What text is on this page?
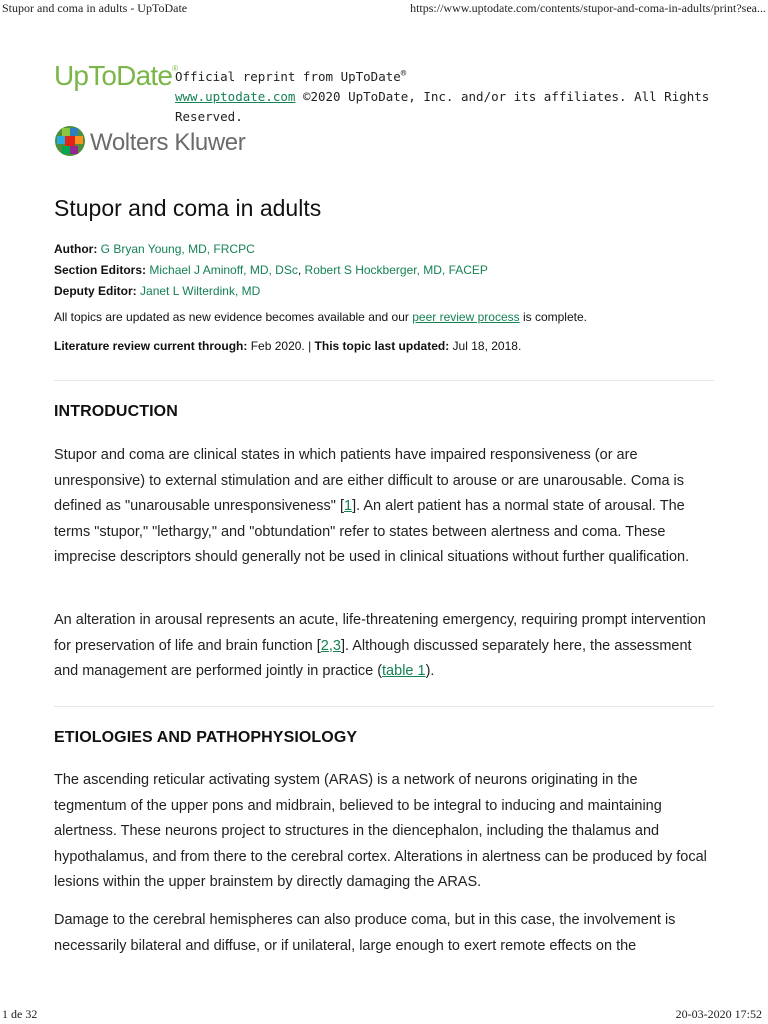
Stupor and coma in adults - UpToDate	https://www.uptodate.com/contents/stupor-and-coma-in-adults/print?sea...
UpToDate®
Official reprint from UpToDate®
www.uptodate.com ©2020 UpToDate, Inc. and/or its affiliates. All Rights Reserved.
Wolters Kluwer
Stupor and coma in adults
Author: G Bryan Young, MD, FRCPC
Section Editors: Michael J Aminoff, MD, DSc, Robert S Hockberger, MD, FACEP
Deputy Editor: Janet L Wilterdink, MD
All topics are updated as new evidence becomes available and our peer review process is complete.
Literature review current through: Feb 2020. | This topic last updated: Jul 18, 2018.
INTRODUCTION

Stupor and coma are clinical states in which patients have impaired responsiveness (or are unresponsive) to external stimulation and are either difficult to arouse or are unarousable. Coma is defined as "unarousable unresponsiveness" [1]. An alert patient has a normal state of arousal. The terms "stupor," "lethargy," and "obtundation" refer to states between alertness and coma. These imprecise descriptors should generally not be used in clinical situations without further qualification.

An alteration in arousal represents an acute, life-threatening emergency, requiring prompt intervention for preservation of life and brain function [2,3]. Although discussed separately here, the assessment and management are performed jointly in practice (table 1).

ETIOLOGIES AND PATHOPHYSIOLOGY

The ascending reticular activating system (ARAS) is a network of neurons originating in the tegmentum of the upper pons and midbrain, believed to be integral to inducing and maintaining alertness. These neurons project to structures in the diencephalon, including the thalamus and hypothalamus, and from there to the cerebral cortex. Alterations in alertness can be produced by focal lesions within the upper brainstem by directly damaging the ARAS.

Damage to the cerebral hemispheres can also produce coma, but in this case, the involvement is necessarily bilateral and diffuse, or if unilateral, large enough to exert remote effects on the

1 de 32	20-03-2020 17:52
